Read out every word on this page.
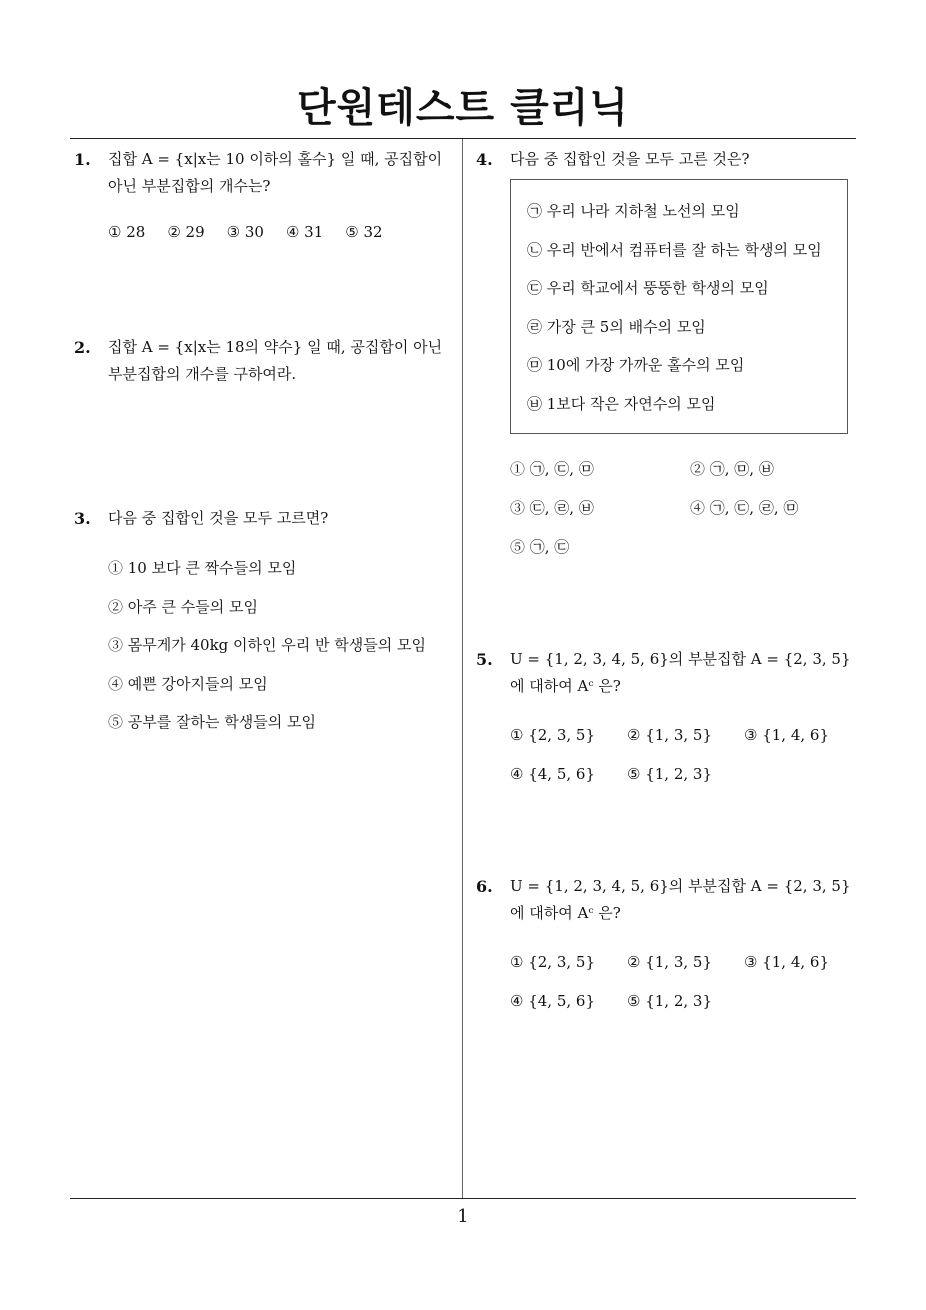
단원테스트 클리닉
1. 집합 A = {x|x는 10 이하의 홀수} 일 때, 공집합이 아닌 부분집합의 개수는?
① 28 ② 29 ③ 30 ④ 31 ⑤ 32
2. 집합 A = {x|x는 18의 약수} 일 때, 공집합이 아닌 부분집합의 개수를 구하여라.
3. 다음 중 집합인 것을 모두 고르면?
① 10 보다 큰 짝수들의 모임
② 아주 큰 수들의 모임
③ 몸무게가 40kg 이하인 우리 반 학생들의 모임
④ 예쁜 강아지들의 모임
⑤ 공부를 잘하는 학생들의 모임
4. 다음 중 집합인 것을 모두 고른 것은?
㉠ 우리 나라 지하철 노선의 모임
㉡ 우리 반에서 컴퓨터를 잘 하는 학생의 모임
㉢ 우리 학교에서 뚱뚱한 학생의 모임
㉣ 가장 큰 5의 배수의 모임
㉤ 10에 가장 가까운 홀수의 모임
㉥ 1보다 작은 자연수의 모임
① ㉠, ㉢, ㉤	② ㉠, ㉤, ㉥
③ ㉢, ㉣, ㉥	④ ㉠, ㉢, ㉣, ㉤
⑤ ㉠, ㉢
5. U = {1, 2, 3, 4, 5, 6}의 부분집합 A = {2, 3, 5}에 대하여 Aᶜ 은?
① {2, 3, 5}	② {1, 3, 5}	③ {1, 4, 6}
④ {4, 5, 6}	⑤ {1, 2, 3}
6. U = {1, 2, 3, 4, 5, 6}의 부분집합 A = {2, 3, 5}에 대하여 Aᶜ 은?
① {2, 3, 5}	② {1, 3, 5}	③ {1, 4, 6}
④ {4, 5, 6}	⑤ {1, 2, 3}
1
